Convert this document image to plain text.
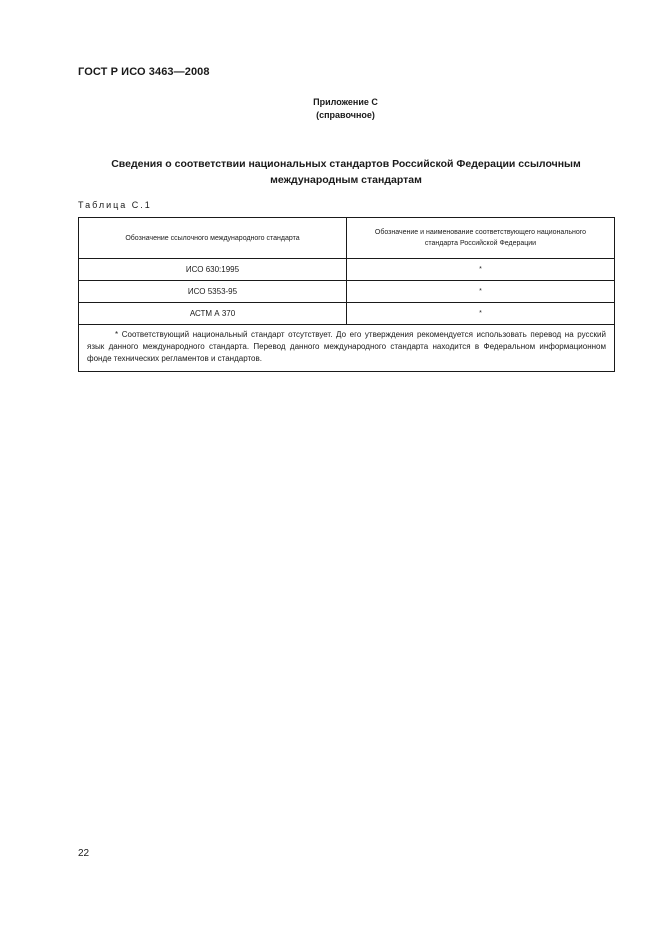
ГОСТ Р ИСО 3463—2008
Приложение С
(справочное)
Сведения о соответствии национальных стандартов Российской Федерации ссылочным
международным стандартам
Таблица С.1
Обозначение ссылочного международного стандарта	Обозначение и наименование соответствующего национального стандарта Российской Федерации
ИСО 630:1995	*
ИСО 5353-95	*
АСТМ А 370	*
* Соответствующий национальный стандарт отсутствует. До его утверждения рекомендуется использовать перевод на русский язык данного международного стандарта. Перевод данного международного стандарта находится в Федеральном информационном фонде технических регламентов и стандартов.	
22
